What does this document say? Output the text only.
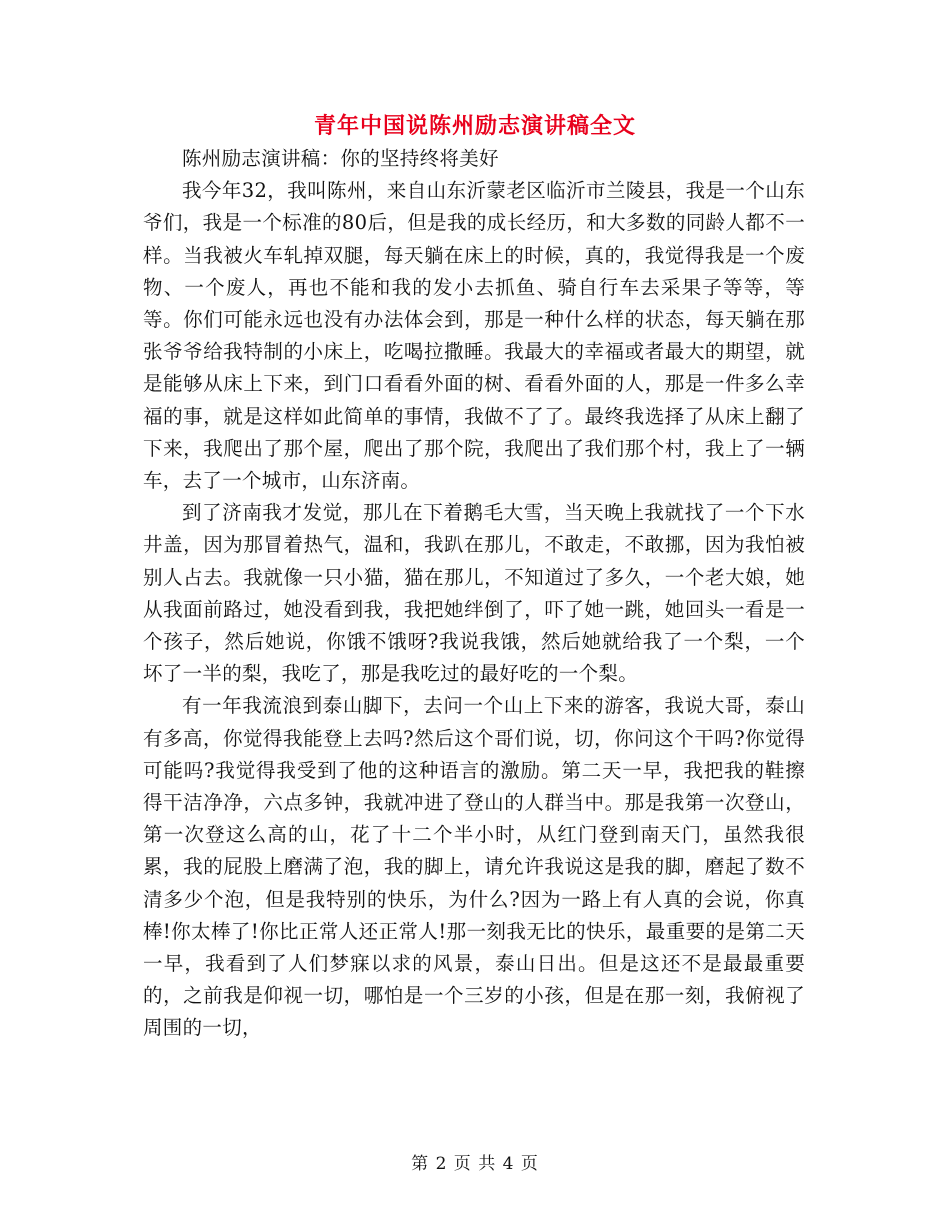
青年中国说陈州励志演讲稿全文

陈州励志演讲稿：你的坚持终将美好

我今年32，我叫陈州，来自山东沂蒙老区临沂市兰陵县，我是一个山东爷们，我是一个标准的80后，但是我的成长经历，和大多数的同龄人都不一样。当我被火车轧掉双腿，每天躺在床上的时候，真的，我觉得我是一个废物、一个废人，再也不能和我的发小去抓鱼、骑自行车去采果子等等，等等。你们可能永远也没有办法体会到，那是一种什么样的状态，每天躺在那张爷爷给我特制的小床上，吃喝拉撒睡。我最大的幸福或者最大的期望，就是能够从床上下来，到门口看看外面的树、看看外面的人，那是一件多么幸福的事，就是这样如此简单的事情，我做不了了。最终我选择了从床上翻了下来，我爬出了那个屋，爬出了那个院，我爬出了我们那个村，我上了一辆车，去了一个城市，山东济南。

到了济南我才发觉，那儿在下着鹅毛大雪，当天晚上我就找了一个下水井盖，因为那冒着热气，温和，我趴在那儿，不敢走，不敢挪，因为我怕被别人占去。我就像一只小猫，猫在那儿，不知道过了多久，一个老大娘，她从我面前路过，她没看到我，我把她绊倒了，吓了她一跳，她回头一看是一个孩子，然后她说，你饿不饿呀?我说我饿，然后她就给我了一个梨，一个坏了一半的梨，我吃了，那是我吃过的最好吃的一个梨。

有一年我流浪到泰山脚下，去问一个山上下来的游客，我说大哥，泰山有多高，你觉得我能登上去吗?然后这个哥们说，切，你问这个干吗?你觉得可能吗?我觉得我受到了他的这种语言的激励。第二天一早，我把我的鞋擦得干洁净净，六点多钟，我就冲进了登山的人群当中。那是我第一次登山，第一次登这么高的山，花了十二个半小时，从红门登到南天门，虽然我很累，我的屁股上磨满了泡，我的脚上，请允许我说这是我的脚，磨起了数不清多少个泡，但是我特别的快乐，为什么?因为一路上有人真的会说，你真棒!你太棒了!你比正常人还正常人!那一刻我无比的快乐，最重要的是第二天一早，我看到了人们梦寐以求的风景，泰山日出。但是这还不是最最重要的，之前我是仰视一切，哪怕是一个三岁的小孩，但是在那一刻，我俯视了周围的一切，

第 2 页 共 4 页
